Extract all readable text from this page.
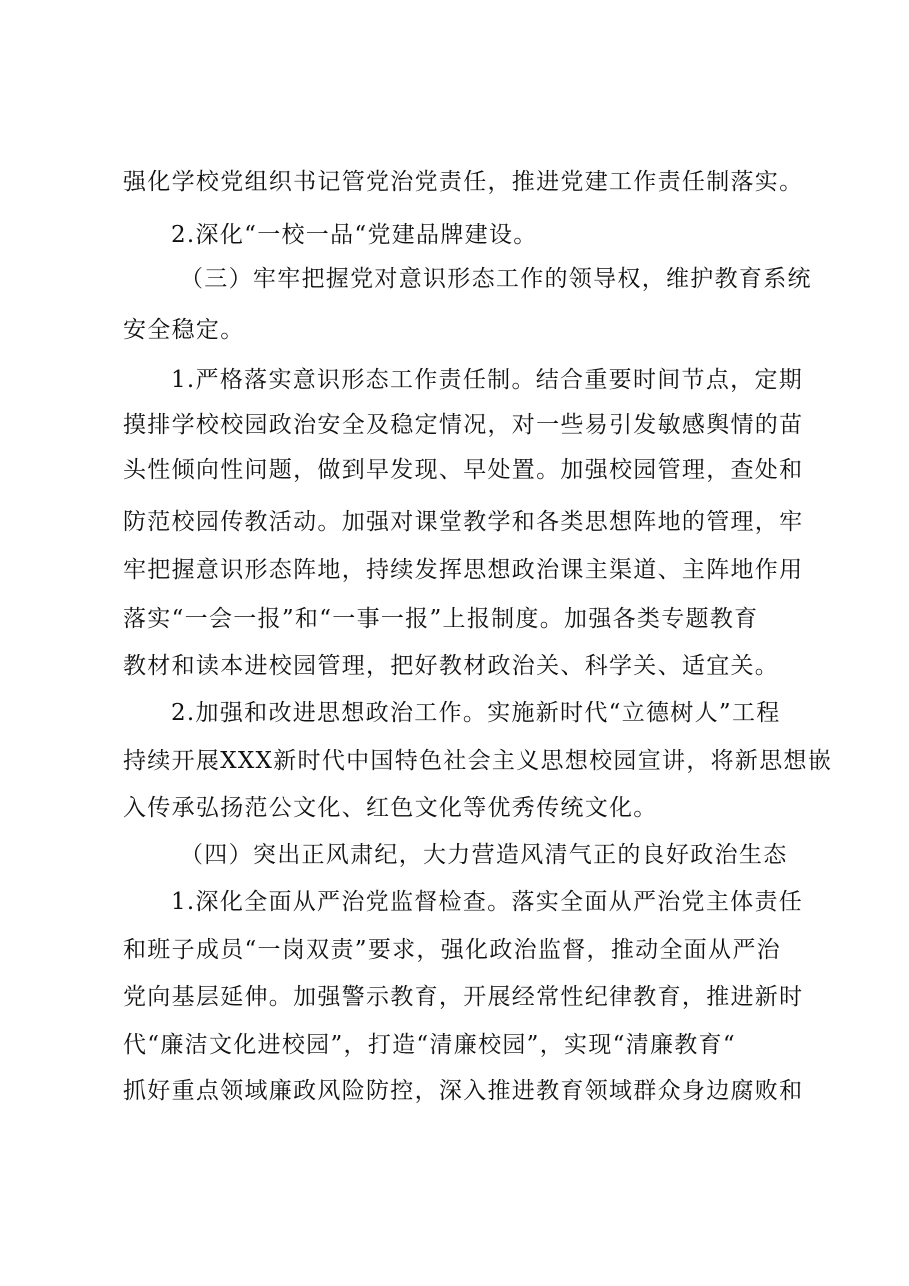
强化学校党组织书记管党治党责任，推进党建工作责任制落实。
2.深化“一校一品“党建品牌建设。
（三）牢牢把握党对意识形态工作的领导权，维护教育系统
安全稳定。
1.严格落实意识形态工作责任制。结合重要时间节点，定期
摸排学校校园政治安全及稳定情况，对一些易引发敏感舆情的苗
头性倾向性问题，做到早发现、早处置。加强校园管理，查处和
防范校园传教活动。加强对课堂教学和各类思想阵地的管理，牢
牢把握意识形态阵地，持续发挥思想政治课主渠道、主阵地作用
落实“一会一报”和“一事一报”上报制度。加强各类专题教育
教材和读本进校园管理，把好教材政治关、科学关、适宜关。
2.加强和改进思想政治工作。实施新时代“立德树人”工程
持续开展XXX新时代中国特色社会主义思想校园宣讲，将新思想嵌
入传承弘扬范公文化、红色文化等优秀传统文化。
（四）突出正风肃纪，大力营造风清气正的良好政治生态
1.深化全面从严治党监督检查。落实全面从严治党主体责任
和班子成员“一岗双责”要求，强化政治监督，推动全面从严治
党向基层延伸。加强警示教育，开展经常性纪律教育，推进新时
代“廉洁文化进校园”，打造“清廉校园”，实现“清廉教育“
抓好重点领域廉政风险防控，深入推进教育领域群众身边腐败和
